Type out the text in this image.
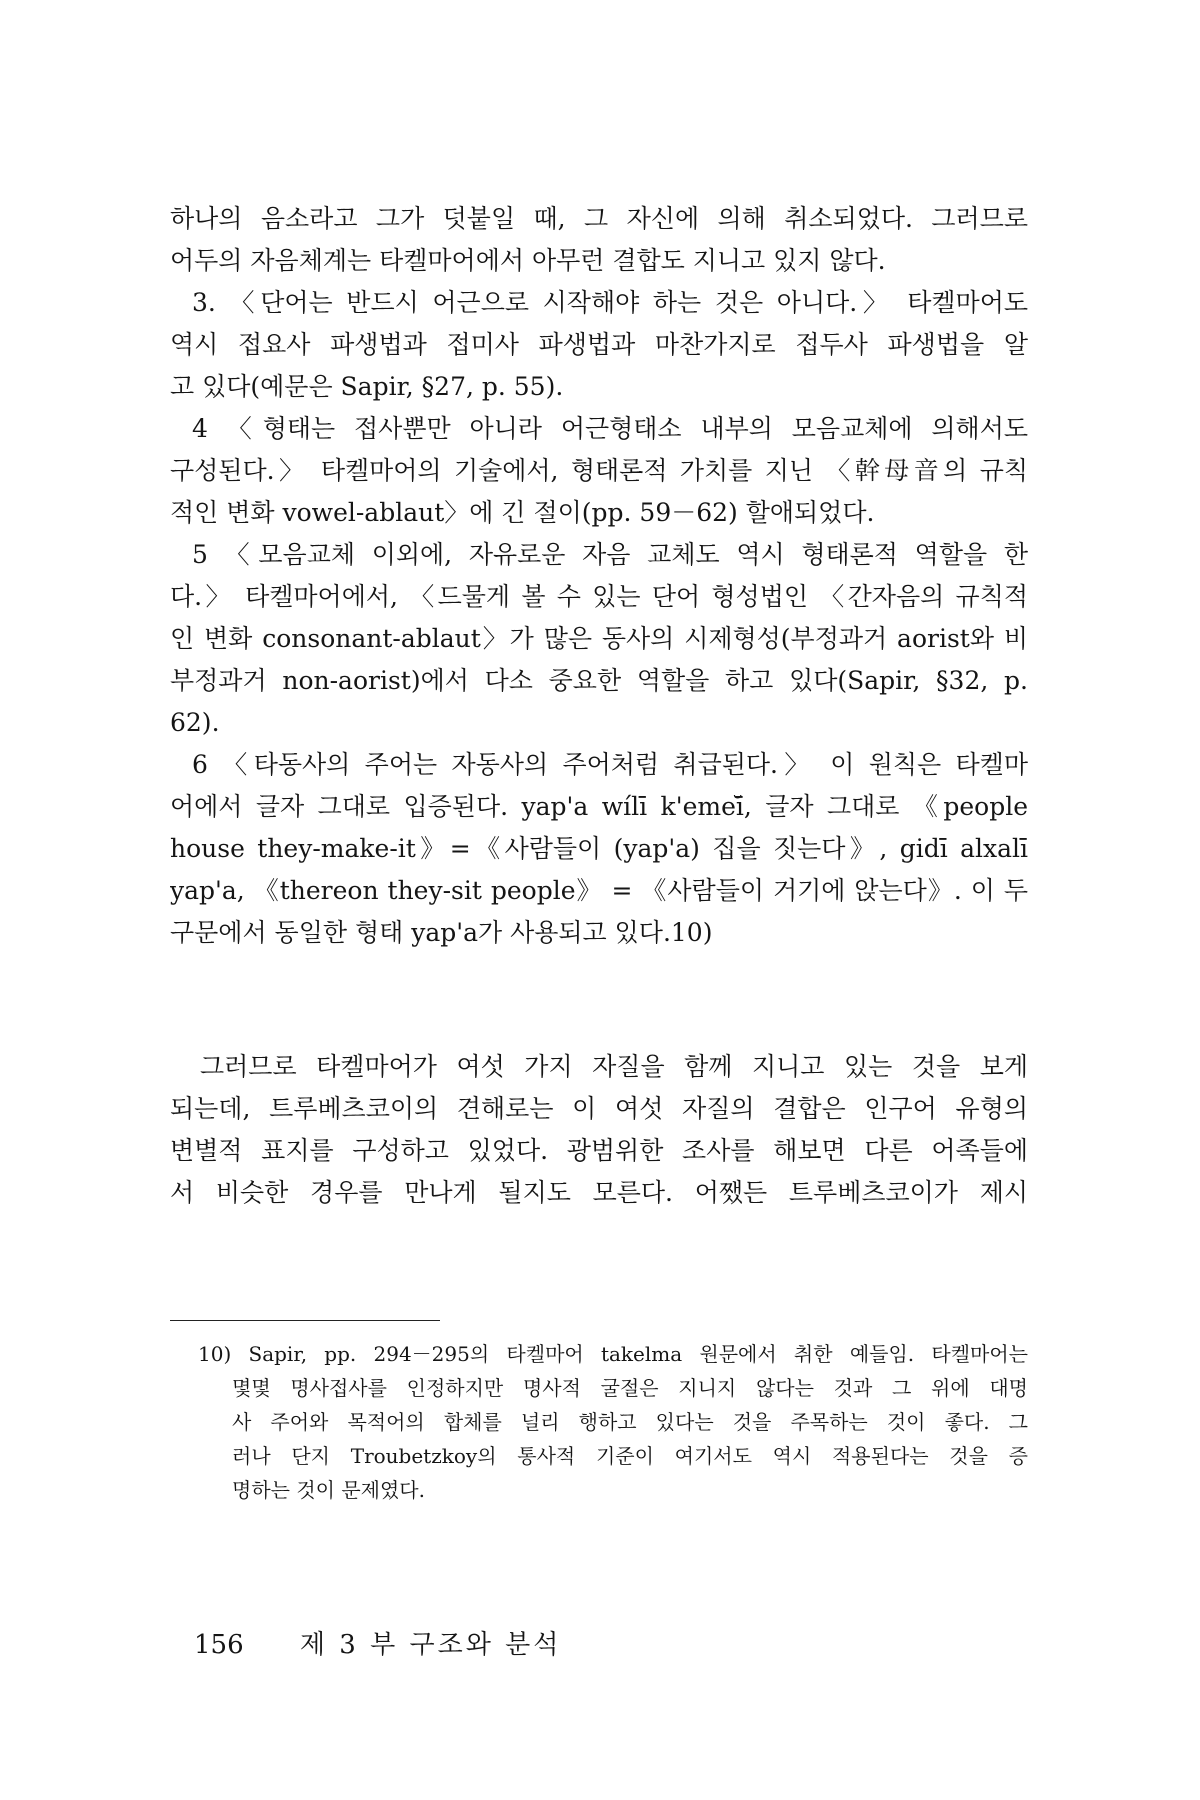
하나의 음소라고 그가 덧붙일 때, 그 자신에 의해 취소되었다. 그러므로
어두의 자음체계는 타켈마어에서 아무런 결합도 지니고 있지 않다.
3. 〈단어는 반드시 어근으로 시작해야 하는 것은 아니다.〉 타켈마어도
역시 접요사 파생법과 접미사 파생법과 마찬가지로 접두사 파생법을 알
고 있다(예문은 Sapir, §27, p. 55).
4 〈형태는 접사뿐만 아니라 어근형태소 내부의 모음교체에 의해서도
구성된다.〉 타켈마어의 기술에서, 형태론적 가치를 지닌 〈幹母音의 규칙
적인 변화 vowel-ablaut〉에 긴 절이(pp. 59－62) 할애되었다.
5 〈모음교체 이외에, 자유로운 자음 교체도 역시 형태론적 역할을 한
다.〉 타켈마어에서, 〈드물게 볼 수 있는 단어 형성법인 〈간자음의 규칙적
인 변화 consonant-ablaut〉가 많은 동사의 시제형성(부정과거 aorist와 비
부정과거 non-aorist)에서 다소 중요한 역할을 하고 있다(Sapir, §32, p.
62).
6 〈타동사의 주어는 자동사의 주어처럼 취급된다.〉 이 원칙은 타켈마
어에서 글자 그대로 입증된다. yap'a wílī k'emeī̆, 글자 그대로 《people
house they-make-it》=《사람들이 (yap'a) 집을 짓는다》, gidī alxalī
yap'a, 《thereon they-sit people》 = 《사람들이 거기에 앉는다》. 이 두
구문에서 동일한 형태 yap'a가 사용되고 있다.10)
그러므로 타켈마어가 여섯 가지 자질을 함께 지니고 있는 것을 보게
되는데, 트루베츠코이의 견해로는 이 여섯 자질의 결합은 인구어 유형의
변별적 표지를 구성하고 있었다. 광범위한 조사를 해보면 다른 어족들에
서 비슷한 경우를 만나게 될지도 모른다. 어쨌든 트루베츠코이가 제시
10) Sapir, pp. 294－295의 타켈마어 takelma 원문에서 취한 예들임. 타켈마어는
몇몇 명사접사를 인정하지만 명사적 굴절은 지니지 않다는 것과 그 위에 대명
사 주어와 목적어의 합체를 널리 행하고 있다는 것을 주목하는 것이 좋다. 그
러나 단지 Troubetzkoy의 통사적 기준이 여기서도 역시 적용된다는 것을 증
명하는 것이 문제였다.
156 제 3 부 구조와 분석
